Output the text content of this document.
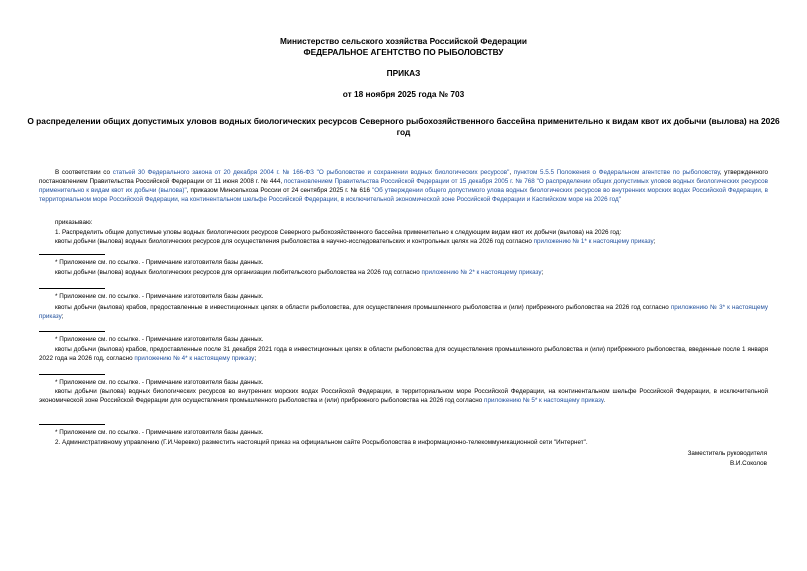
Министерство сельского хозяйства Российской Федерации
ФЕДЕРАЛЬНОЕ АГЕНТСТВО ПО РЫБОЛОВСТВУ
ПРИКАЗ
от 18 ноября 2025 года № 703
О распределении общих допустимых уловов водных биологических ресурсов Северного рыбохозяйственного бассейна применительно к видам квот их добычи (вылова) на 2026 год

В соответствии со статьей 30 Федерального закона от 20 декабря 2004 г. № 166-ФЗ "О рыболовстве и сохранении водных биологических ресурсов", пунктом 5.5.5 Положения о Федеральном агентстве по рыболовству, утвержденного постановлением Правительства Российской Федерации от 11 июня 2008 г. № 444, постановлением Правительства Российской Федерации от 15 декабря 2005 г. № 768 "О распределении общих допустимых уловов водных биологических ресурсов применительно к видам квот их добычи (вылова)", приказом Минсельхоза России от 24 сентября 2025 г. № 616 "Об утверждении общего допустимого улова водных биологических ресурсов во внутренних морских водах Российской Федерации, в территориальном море Российской Федерации, на континентальном шельфе Российской Федерации, в исключительной экономической зоне Российской Федерации и Каспийском море на 2026 год"

приказываю:

1. Распределить общие допустимые уловы водных биологических ресурсов Северного рыбохозяйственного бассейна применительно к следующим видам квот их добычи (вылова) на 2026 год:

квоты добычи (вылова) водных биологических ресурсов для осуществления рыболовства в научно-исследовательских и контрольных целях на 2026 год согласно приложению № 1* к настоящему приказу;

* Приложение см. по ссылке. - Примечание изготовителя базы данных.

квоты добычи (вылова) водных биологических ресурсов для организации любительского рыболовства на 2026 год согласно приложению № 2* к настоящему приказу;

* Приложение см. по ссылке. - Примечание изготовителя базы данных.

квоты добычи (вылова) крабов, предоставленные в инвестиционных целях в области рыболовства, для осуществления промышленного рыболовства и (или) прибрежного рыболовства на 2026 год согласно приложению № 3* к настоящему приказу;

* Приложение см. по ссылке. - Примечание изготовителя базы данных.

квоты добычи (вылова) крабов, предоставленные после 31 декабря 2021 года в инвестиционных целях в области рыболовства для осуществления промышленного рыболовства и (или) прибрежного рыболовства, введенные после 1 января 2022 года на 2026 год, согласно приложению № 4* к настоящему приказу;

* Приложение см. по ссылке. - Примечание изготовителя базы данных.

квоты добычи (вылова) водных биологических ресурсов во внутренних морских водах Российской Федерации, в территориальном море Российской Федерации, на континентальном шельфе Российской Федерации, в исключительной экономической зоне Российской Федерации для осуществления промышленного рыболовства и (или) прибрежного рыболовства на 2026 год согласно приложению № 5* к настоящему приказу.

* Приложение см. по ссылке. - Примечание изготовителя базы данных.

2. Административному управлению (Г.И.Черевко) разместить настоящий приказ на официальном сайте Росрыболовства в информационно-телекоммуникационной сети "Интернет".

Заместитель руководителя
В.И.Соколов
